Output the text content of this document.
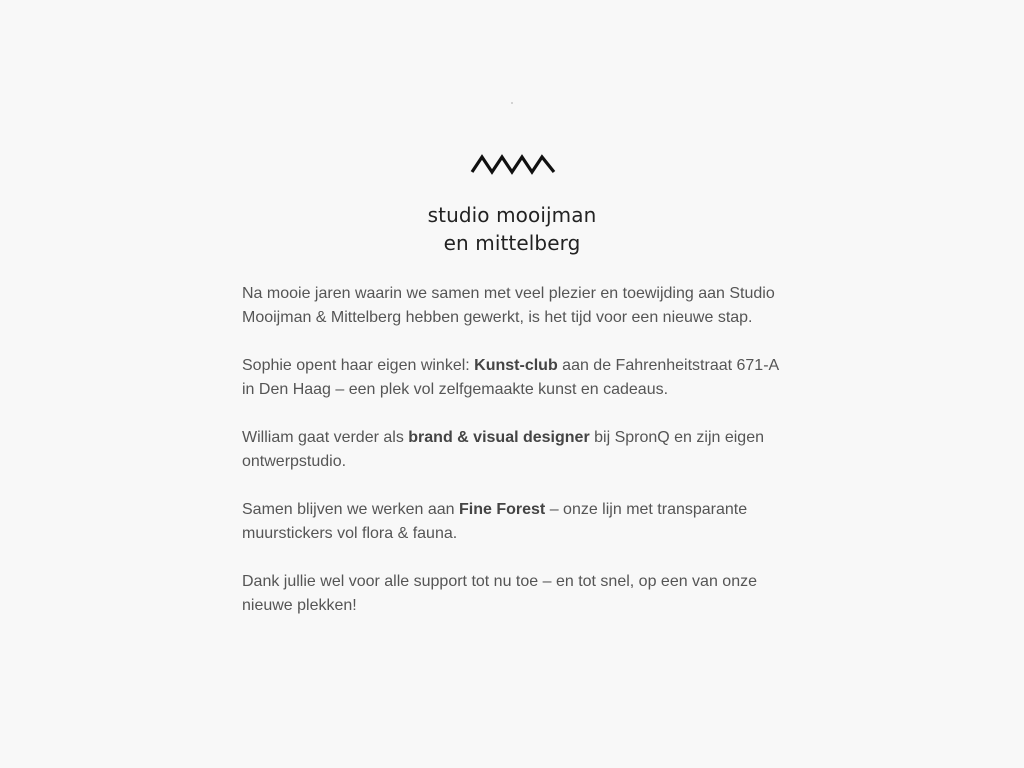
studio mooijman
en mittelberg

Na mooie jaren waarin we samen met veel plezier en toewijding aan Studio Mooijman & Mittelberg hebben gewerkt, is het tijd voor een nieuwe stap.

Sophie opent haar eigen winkel: Kunst-club aan de Fahrenheitstraat 671-A in Den Haag – een plek vol zelfgemaakte kunst en cadeaus.

William gaat verder als brand & visual designer bij SpronQ en zijn eigen ontwerpstudio.

Samen blijven we werken aan Fine Forest – onze lijn met transparante muurstickers vol flora & fauna.

Dank jullie wel voor alle support tot nu toe – en tot snel, op een van onze nieuwe plekken!
